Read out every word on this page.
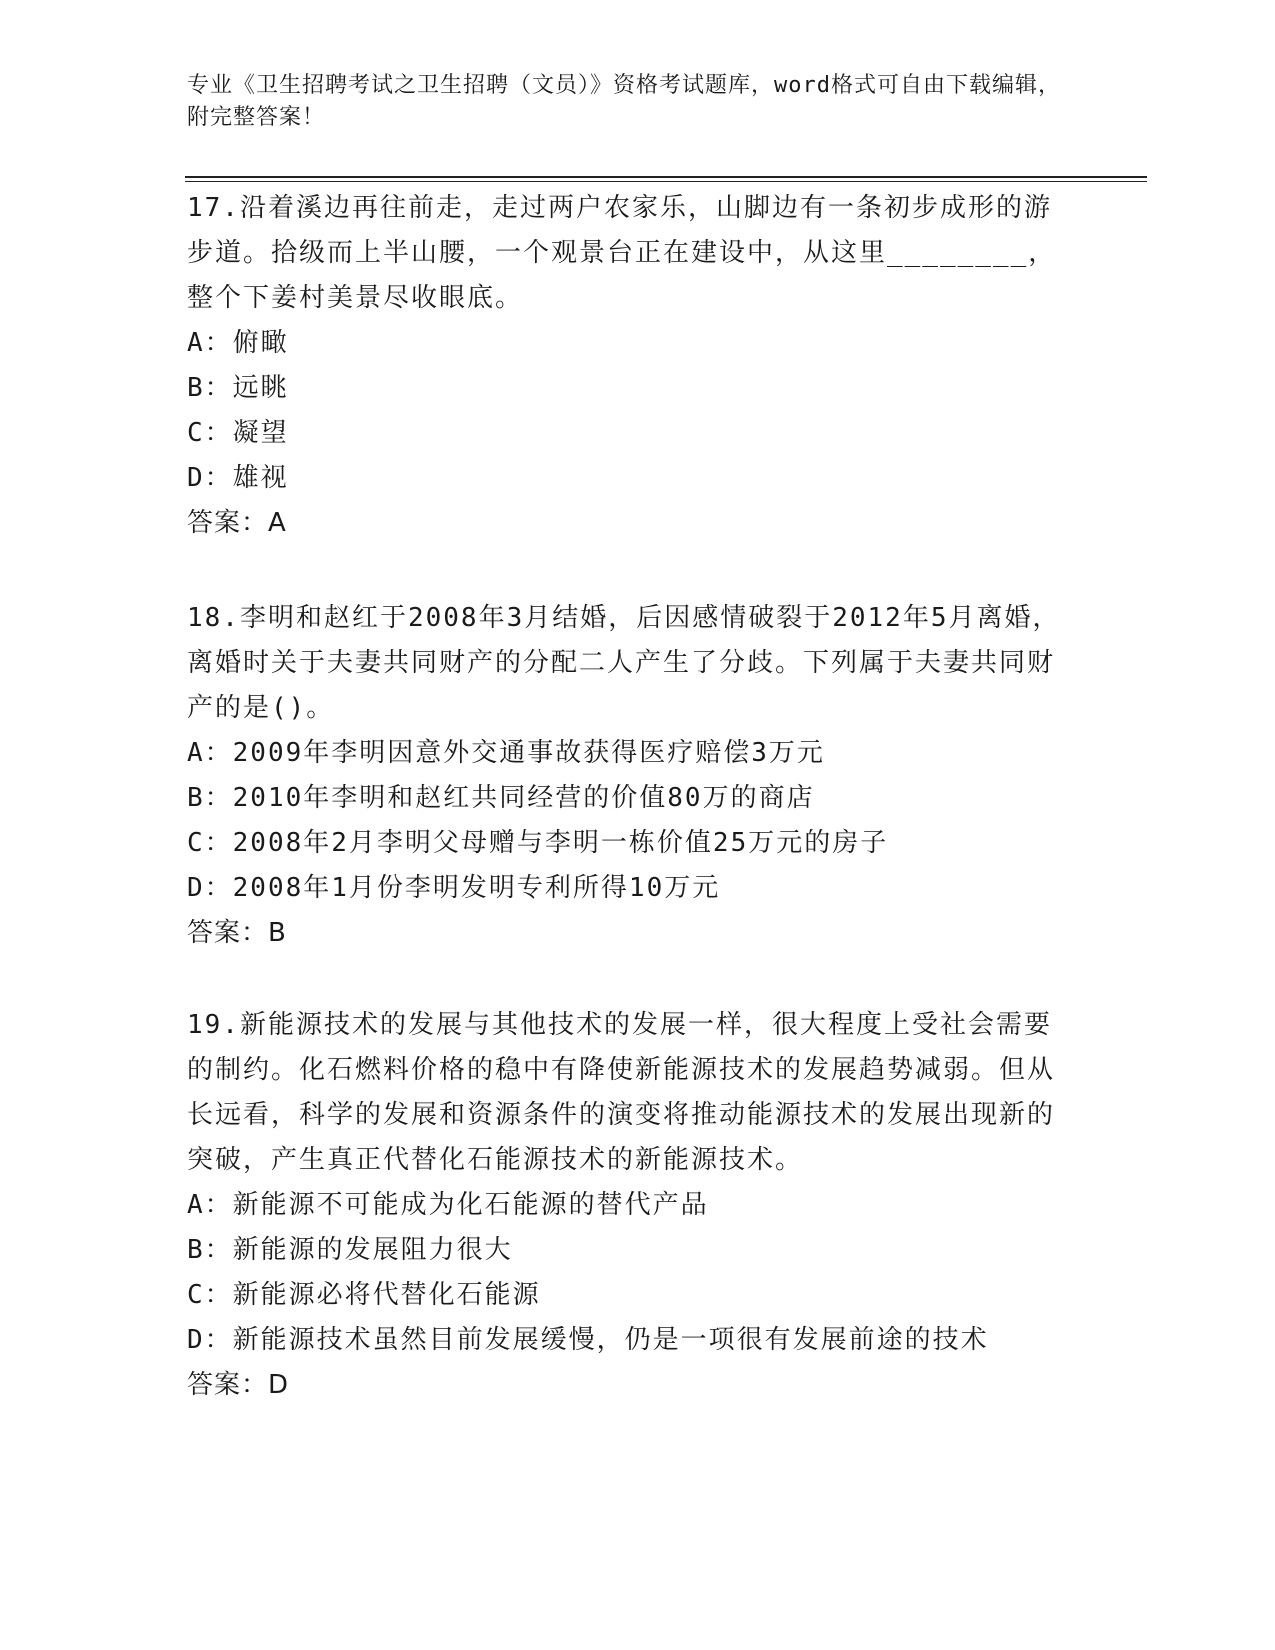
专业《卫生招聘考试之卫生招聘（文员）》资格考试题库，word格式可自由下载编辑，附完整答案！

17.沿着溪边再往前走，走过两户农家乐，山脚边有一条初步成形的游步道。拾级而上半山腰，一个观景台正在建设中，从这里________，整个下姜村美景尽收眼底。

A：俯瞰

B：远眺

C：凝望

D：雄视

答案：A

18.李明和赵红于2008年3月结婚，后因感情破裂于2012年5月离婚，离婚时关于夫妻共同财产的分配二人产生了分歧。下列属于夫妻共同财产的是()。

A：2009年李明因意外交通事故获得医疗赔偿3万元

B：2010年李明和赵红共同经营的价值80万的商店

C：2008年2月李明父母赠与李明一栋价值25万元的房子

D：2008年1月份李明发明专利所得10万元

答案：B

19.新能源技术的发展与其他技术的发展一样，很大程度上受社会需要的制约。化石燃料价格的稳中有降使新能源技术的发展趋势减弱。但从长远看，科学的发展和资源条件的演变将推动能源技术的发展出现新的突破，产生真正代替化石能源技术的新能源技术。

A：新能源不可能成为化石能源的替代产品

B：新能源的发展阻力很大

C：新能源必将代替化石能源

D：新能源技术虽然目前发展缓慢，仍是一项很有发展前途的技术

答案：D
